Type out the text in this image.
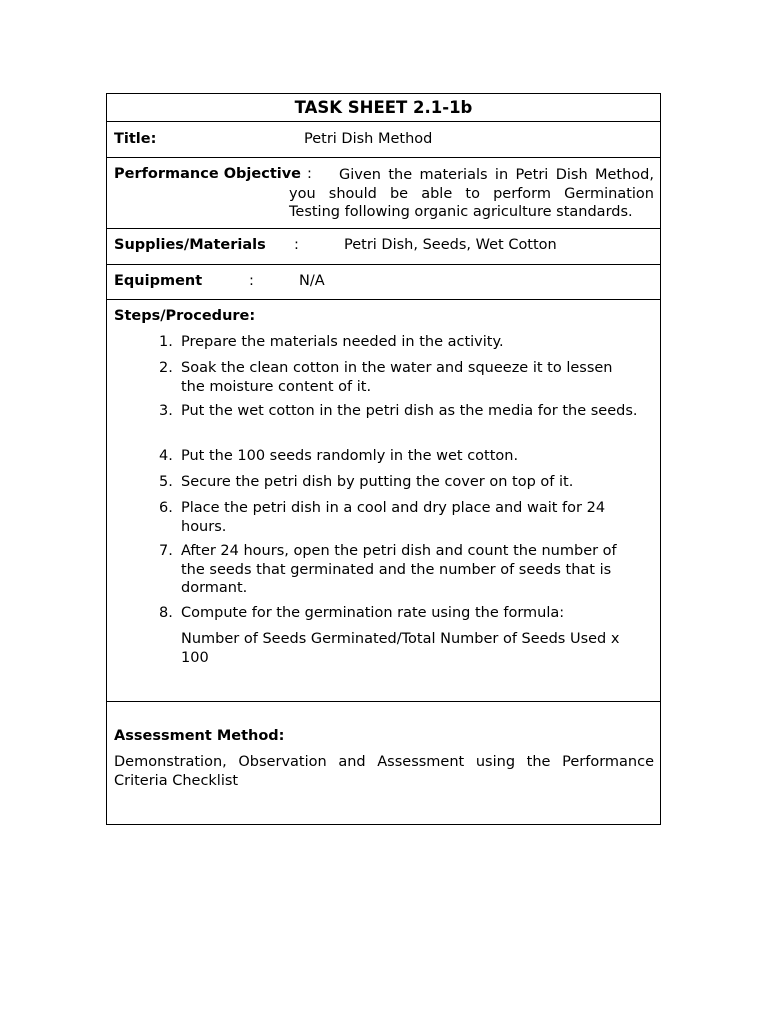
TASK SHEET 2.1-1b
Title:	Petri Dish Method
Performance Objective :	Given the materials in Petri Dish Method, you should be able to perform Germination Testing following organic agriculture standards.
Supplies/Materials :	Petri Dish, Seeds, Wet Cotton
Equipment	:	N/A
Steps/Procedure:
1. Prepare the materials needed in the activity.
2. Soak the clean cotton in the water and squeeze it to lessen the moisture content of it.
3. Put the wet cotton in the petri dish as the media for the seeds.
4. Put the 100 seeds randomly in the wet cotton.
5. Secure the petri dish by putting the cover on top of it.
6. Place the petri dish in a cool and dry place and wait for 24 hours.
7. After 24 hours, open the petri dish and count the number of the seeds that germinated and the number of seeds that is dormant.
8. Compute for the germination rate using the formula:
Number of Seeds Germinated/Total Number of Seeds Used x 100
Assessment Method:
Demonstration, Observation and Assessment using the Performance Criteria Checklist
